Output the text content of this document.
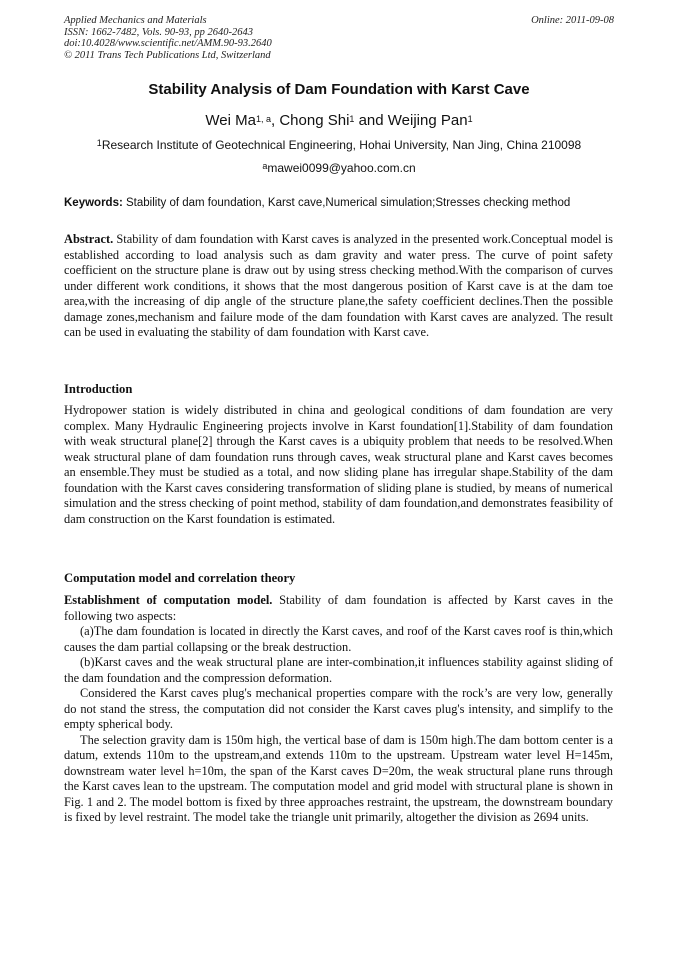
Applied Mechanics and Materials
ISSN: 1662-7482, Vols. 90-93, pp 2640-2643
doi:10.4028/www.scientific.net/AMM.90-93.2640
© 2011 Trans Tech Publications Ltd, Switzerland
Online: 2011-09-08
Stability Analysis of Dam Foundation with Karst Cave
Wei Ma$^{1, a}$, Chong Shi$^1$ and Weijing Pan$^1$
$^1$Research Institute of Geotechnical Engineering, Hohai University, Nan Jing, China 210098
$^a$mawei0099@yahoo.com.cn
Keywords: Stability of dam foundation, Karst cave,Numerical simulation;Stresses checking method

Abstract. Stability of dam foundation with Karst caves is analyzed in the presented work.Conceptual model is established according to load analysis such as dam gravity and water press. The curve of point safety coefficient on the structure plane is draw out by using stress checking method.With the comparison of curves under different work conditions, it shows that the most dangerous position of Karst cave is at the dam toe area,with the increasing of dip angle of the structure plane,the safety coefficient declines.Then the possible damage zones,mechanism and failure mode of the dam foundation with Karst caves are analyzed. The result can be used in evaluating the stability of dam foundation with Karst cave.

Introduction

Hydropower station is widely distributed in china and geological conditions of dam foundation are very complex. Many Hydraulic Engineering projects involve in Karst foundation[1].Stability of dam foundation with weak structural plane[2] through the Karst caves is a ubiquity problem that needs to be resolved.When weak structural plane of dam foundation runs through caves, weak structural plane and Karst caves becomes an ensemble.They must be studied as a total, and now sliding plane has irregular shape.Stability of the dam foundation with the Karst caves considering transformation of sliding plane is studied, by means of numerical simulation and the stress checking of point method, stability of dam foundation,and demonstrates feasibility of dam construction on the Karst foundation is estimated.

Computation model and correlation theory

Establishment of computation model. Stability of dam foundation is affected by Karst caves in the following two aspects:

(a)The dam foundation is located in directly the Karst caves, and roof of the Karst caves roof is thin,which causes the dam partial collapsing or the break destruction.

(b)Karst caves and the weak structural plane are inter-combination,it influences stability against sliding of the dam foundation and the compression deformation.

Considered the Karst caves plug's mechanical properties compare with the rock’s are very low, generally do not stand the stress, the computation did not consider the Karst caves plug's intensity, and simplify to the empty spherical body.

The selection gravity dam is 150m high, the vertical base of dam is 150m high.The dam bottom center is a datum, extends 110m to the upstream,and extends 110m to the upstream. Upstream water level H=145m, downstream water level h=10m, the span of the Karst caves D=20m, the weak structural plane runs through the Karst caves lean to the upstream. The computation model and grid model with structural plane is shown in Fig. 1 and 2. The model bottom is fixed by three approaches restraint, the upstream, the downstream boundary is fixed by level restraint. The model take the triangle unit primarily, altogether the division as 2694 units.
